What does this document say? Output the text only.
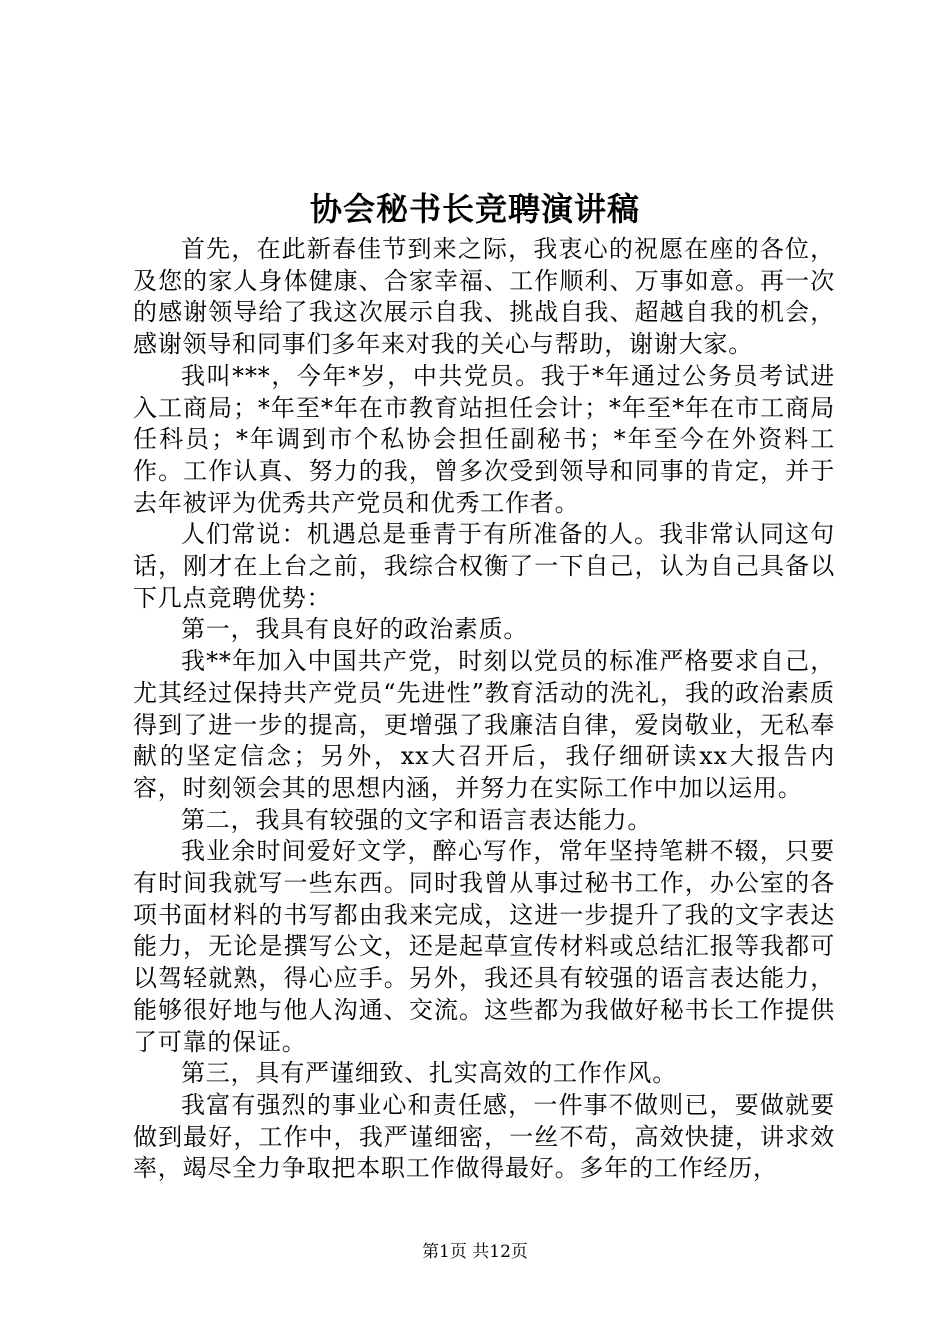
协会秘书长竞聘演讲稿

首先，在此新春佳节到来之际，我衷心的祝愿在座的各位，及您的家人身体健康、合家幸福、工作顺利、万事如意。再一次的感谢领导给了我这次展示自我、挑战自我、超越自我的机会，感谢领导和同事们多年来对我的关心与帮助，谢谢大家。

我叫***，今年*岁，中共党员。我于*年通过公务员考试进入工商局；*年至*年在市教育站担任会计；*年至*年在市工商局任科员；*年调到市个私协会担任副秘书；*年至今在外资料工作。工作认真、努力的我，曾多次受到领导和同事的肯定，并于去年被评为优秀共产党员和优秀工作者。

人们常说：机遇总是垂青于有所准备的人。我非常认同这句话，刚才在上台之前，我综合权衡了一下自己，认为自己具备以下几点竞聘优势：

第一，我具有良好的政治素质。

我**年加入中国共产党，时刻以党员的标准严格要求自己，尤其经过保持共产党员“先进性”教育活动的洗礼，我的政治素质得到了进一步的提高，更增强了我廉洁自律，爱岗敬业，无私奉献的坚定信念；另外，xx大召开后，我仔细研读xx大报告内容，时刻领会其的思想内涵，并努力在实际工作中加以运用。

第二，我具有较强的文字和语言表达能力。

我业余时间爱好文学，醉心写作，常年坚持笔耕不辍，只要有时间我就写一些东西。同时我曾从事过秘书工作，办公室的各项书面材料的书写都由我来完成，这进一步提升了我的文字表达能力，无论是撰写公文，还是起草宣传材料或总结汇报等我都可以驾轻就熟，得心应手。另外，我还具有较强的语言表达能力，能够很好地与他人沟通、交流。这些都为我做好秘书长工作提供了可靠的保证。

第三，具有严谨细致、扎实高效的工作作风。

我富有强烈的事业心和责任感，一件事不做则已，要做就要做到最好，工作中，我严谨细密，一丝不苟，高效快捷，讲求效率，竭尽全力争取把本职工作做得最好。多年的工作经历，

第1页 共12页
